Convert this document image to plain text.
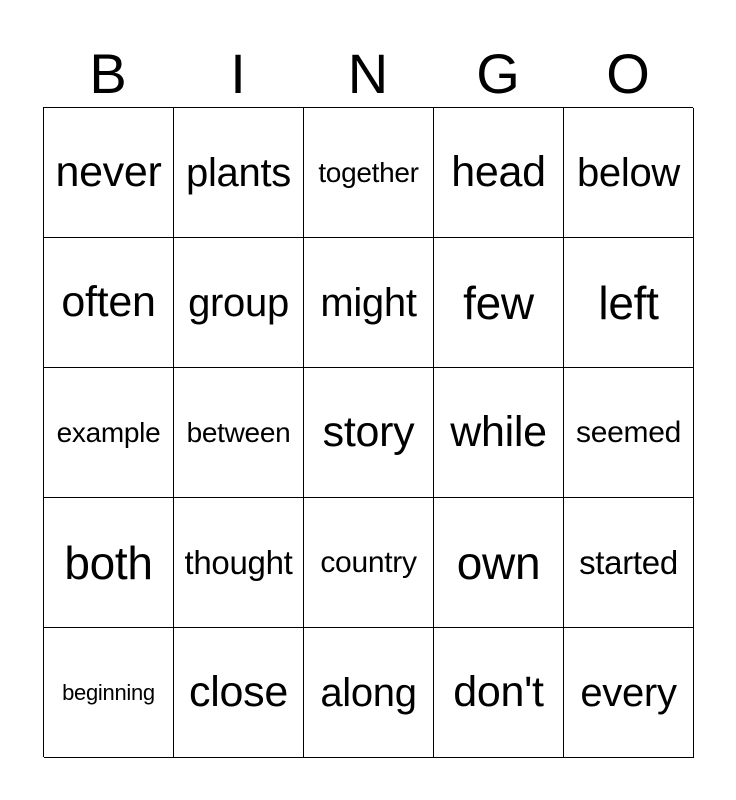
B	I	N	G	O
never plants together head below
often group might	few	left
example between story while seemed
both thought country own	started
beginning close along don't every
